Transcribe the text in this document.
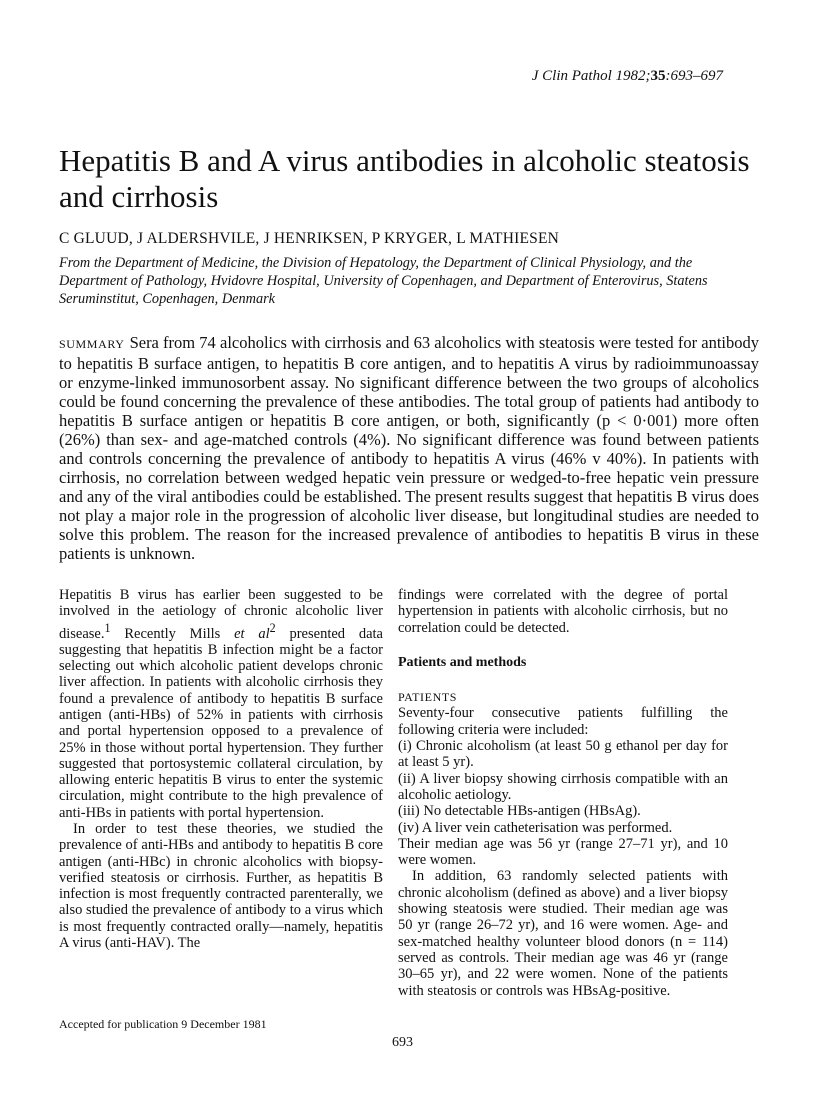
J Clin Pathol 1982;35:693–697
Hepatitis B and A virus antibodies in alcoholic steatosis and cirrhosis
C GLUUD, J ALDERSHVILE, J HENRIKSEN, P KRYGER, L MATHIESEN
From the Department of Medicine, the Division of Hepatology, the Department of Clinical Physiology, and the Department of Pathology, Hvidovre Hospital, University of Copenhagen, and Department of Enterovirus, Statens Seruminstitut, Copenhagen, Denmark
SUMMARY Sera from 74 alcoholics with cirrhosis and 63 alcoholics with steatosis were tested for antibody to hepatitis B surface antigen, to hepatitis B core antigen, and to hepatitis A virus by radioimmunoassay or enzyme-linked immunosorbent assay. No significant difference between the two groups of alcoholics could be found concerning the prevalence of these antibodies. The total group of patients had antibody to hepatitis B surface antigen or hepatitis B core antigen, or both, significantly (p < 0·001) more often (26%) than sex- and age-matched controls (4%). No significant difference was found between patients and controls concerning the prevalence of antibody to hepatitis A virus (46% v 40%). In patients with cirrhosis, no correlation between wedged hepatic vein pressure or wedged-to-free hepatic vein pressure and any of the viral antibodies could be established. The present results suggest that hepatitis B virus does not play a major role in the progression of alcoholic liver disease, but longitudinal studies are needed to solve this problem. The reason for the increased prevalence of antibodies to hepatitis B virus in these patients is unknown.

Hepatitis B virus has earlier been suggested to be involved in the aetiology of chronic alcoholic liver disease.$^1$ Recently Mills et $al^2$ presented data suggesting that hepatitis B infection might be a factor selecting out which alcoholic patient develops chronic liver affection. In patients with alcoholic cirrhosis they found a prevalence of antibody to hepatitis B surface antigen (anti-HBs) of 52% in patients with cirrhosis and portal hypertension opposed to a prevalence of 25% in those without portal hypertension. They further suggested that portosystemic collateral circulation, by allowing enteric hepatitis B virus to enter the systemic circulation, might contribute to the high prevalence of anti-HBs in patients with portal hypertension.

In order to test these theories, we studied the prevalence of anti-HBs and antibody to hepatitis B core antigen (anti-HBc) in chronic alcoholics with biopsy-verified steatosis or cirrhosis. Further, as hepatitis B infection is most frequently contracted parenterally, we also studied the prevalence of antibody to a virus which is most frequently contracted orally—namely, hepatitis A virus (anti-HAV). The

findings were correlated with the degree of portal hypertension in patients with alcoholic cirrhosis, but no correlation could be detected.

Patients and methods
PATIENTS

Seventy-four consecutive patients fulfilling the following criteria were included:

(i) Chronic alcoholism (at least 50 g ethanol per day for at least 5 yr).

(ii) A liver biopsy showing cirrhosis compatible with an alcoholic aetiology.

(iii) No detectable HBs-antigen (HBsAg).

(iv) A liver vein catheterisation was performed.

Their median age was 56 yr (range 27–71 yr), and 10 were women.

In addition, 63 randomly selected patients with chronic alcoholism (defined as above) and a liver biopsy showing steatosis were studied. Their median age was 50 yr (range 26–72 yr), and 16 were women. Age- and sex-matched healthy volunteer blood donors (n = 114) served as controls. Their median age was 46 yr (range 30–65 yr), and 22 were women. None of the patients with steatosis or controls was HBsAg-positive.

Accepted for publication 9 December 1981
693
